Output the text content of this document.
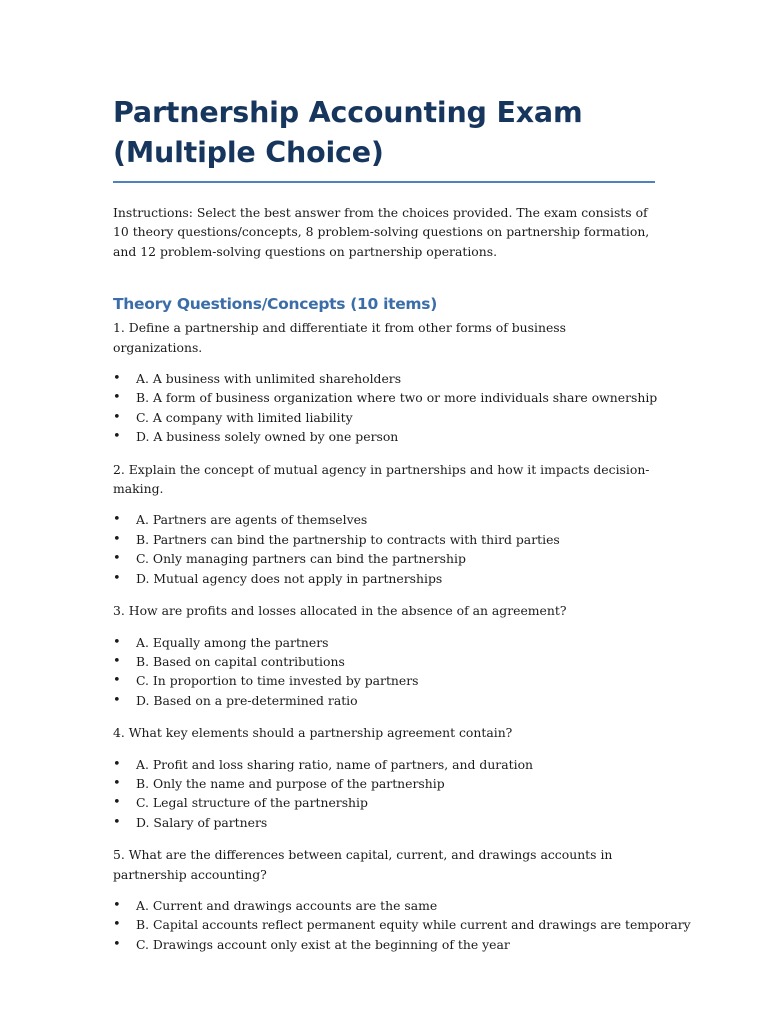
Partnership Accounting Exam (Multiple Choice)

Instructions: Select the best answer from the choices provided. The exam consists of 10 theory questions/concepts, 8 problem-solving questions on partnership formation, and 12 problem-solving questions on partnership operations.

Theory Questions/Concepts (10 items)

1. Define a partnership and differentiate it from other forms of business organizations.

• A. A business with unlimited shareholders
• B. A form of business organization where two or more individuals share ownership
• C. A company with limited liability
• D. A business solely owned by one person

2. Explain the concept of mutual agency in partnerships and how it impacts decision-making.

• A. Partners are agents of themselves
• B. Partners can bind the partnership to contracts with third parties
• C. Only managing partners can bind the partnership
• D. Mutual agency does not apply in partnerships

3. How are profits and losses allocated in the absence of an agreement?

• A. Equally among the partners
• B. Based on capital contributions
• C. In proportion to time invested by partners
• D. Based on a pre-determined ratio

4. What key elements should a partnership agreement contain?

• A. Profit and loss sharing ratio, name of partners, and duration
• B. Only the name and purpose of the partnership
• C. Legal structure of the partnership
• D. Salary of partners

5. What are the differences between capital, current, and drawings accounts in partnership accounting?

• A. Current and drawings accounts are the same
• B. Capital accounts reflect permanent equity while current and drawings are temporary
• C. Drawings account only exist at the beginning of the year
